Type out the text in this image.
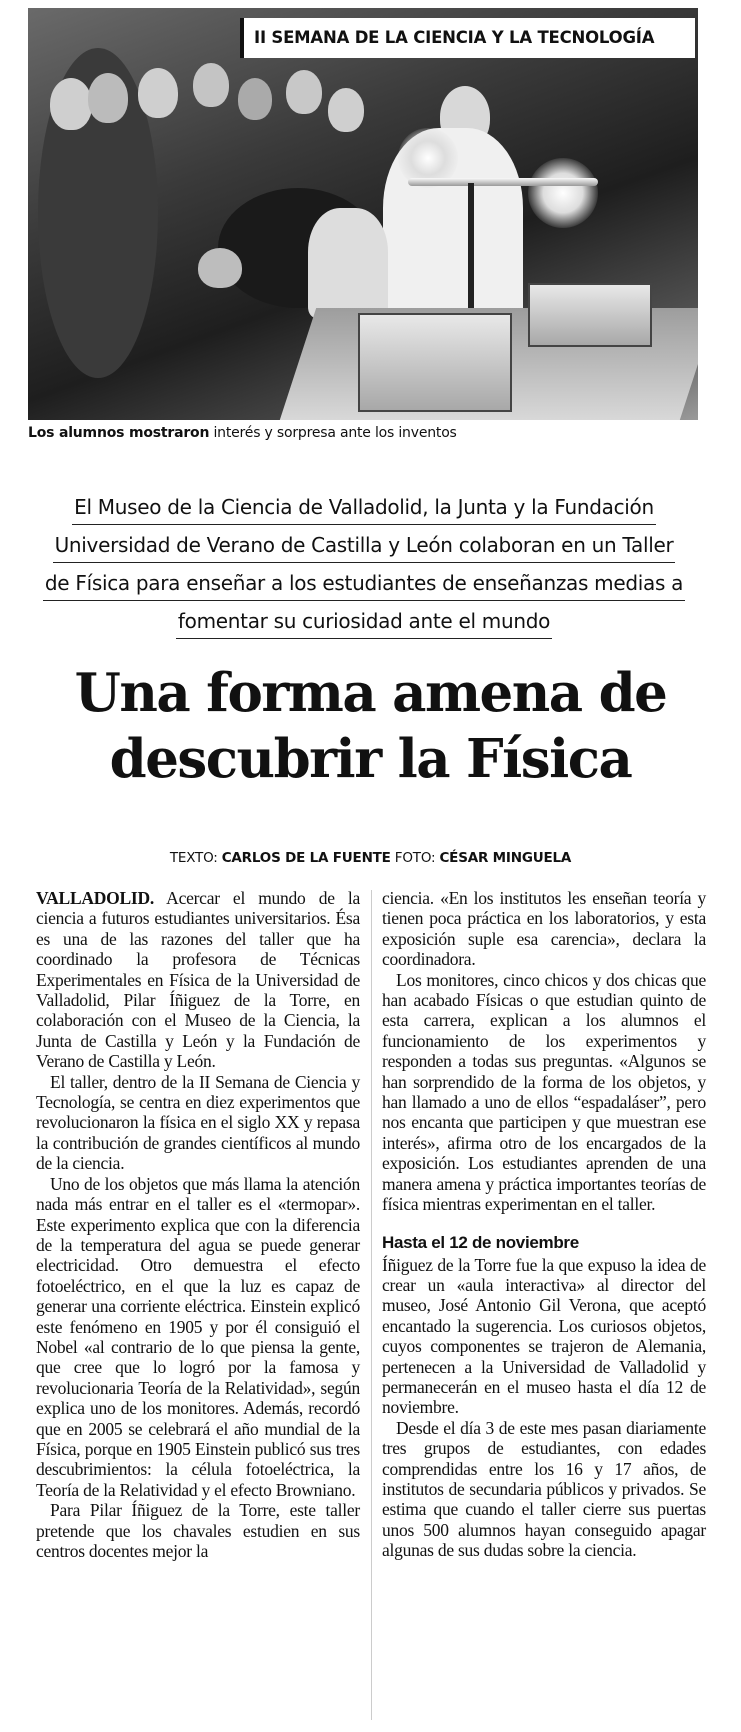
II SEMANA DE LA CIENCIA Y LA TECNOLOGÍA
Los alumnos mostraron interés y sorpresa ante los inventos
El Museo de la Ciencia de Valladolid, la Junta y la Fundación
Universidad de Verano de Castilla y León colaboran en un Taller
de Física para enseñar a los estudiantes de enseñanzas medias a
fomentar su curiosidad ante el mundo
Una forma amena de
descubrir la Física
TEXTO: CARLOS DE LA FUENTE FOTO: CÉSAR MINGUELA

VALLADOLID. Acercar el mundo de la ciencia a futuros estudiantes universitarios. Ésa es una de las razones del taller que ha coordinado la profesora de Técnicas Experimentales en Física de la Universidad de Valladolid, Pilar Íñiguez de la Torre, en colaboración con el Museo de la Ciencia, la Junta de Castilla y León y la Fundación de Verano de Castilla y León.

El taller, dentro de la II Semana de Ciencia y Tecnología, se centra en diez experimentos que revolucionaron la física en el siglo XX y repasa la contribución de grandes científicos al mundo de la ciencia.

Uno de los objetos que más llama la atención nada más entrar en el taller es el «termopar». Este experimento explica que con la diferencia de la temperatura del agua se puede generar electricidad. Otro demuestra el efecto fotoeléctrico, en el que la luz es capaz de generar una corriente eléctrica. Einstein explicó este fenómeno en 1905 y por él consiguió el Nobel «al contrario de lo que piensa la gente, que cree que lo logró por la famosa y revolucionaria Teoría de la Relatividad», según explica uno de los monitores. Además, recordó que en 2005 se celebrará el año mundial de la Física, porque en 1905 Einstein publicó sus tres descubrimientos: la célula fotoeléctrica, la Teoría de la Relatividad y el efecto Browniano.

Para Pilar Íñiguez de la Torre, este taller pretende que los chavales estudien en sus centros docentes mejor la

ciencia. «En los institutos les enseñan teoría y tienen poca práctica en los laboratorios, y esta exposición suple esa carencia», declara la coordinadora.

Los monitores, cinco chicos y dos chicas que han acabado Físicas o que estudian quinto de esta carrera, explican a los alumnos el funcionamiento de los experimentos y responden a todas sus preguntas. «Algunos se han sorprendido de la forma de los objetos, y han llamado a uno de ellos “espadaláser”, pero nos encanta que participen y que muestran ese interés», afirma otro de los encargados de la exposición. Los estudiantes aprenden de una manera amena y práctica importantes teorías de física mientras experimentan en el taller.

Hasta el 12 de noviembre

Íñiguez de la Torre fue la que expuso la idea de crear un «aula interactiva» al director del museo, José Antonio Gil Verona, que aceptó encantado la sugerencia. Los curiosos objetos, cuyos componentes se trajeron de Alemania, pertenecen a la Universidad de Valladolid y permanecerán en el museo hasta el día 12 de noviembre.

Desde el día 3 de este mes pasan diariamente tres grupos de estudiantes, con edades comprendidas entre los 16 y 17 años, de institutos de secundaria públicos y privados. Se estima que cuando el taller cierre sus puertas unos 500 alumnos hayan conseguido apagar algunas de sus dudas sobre la ciencia.
